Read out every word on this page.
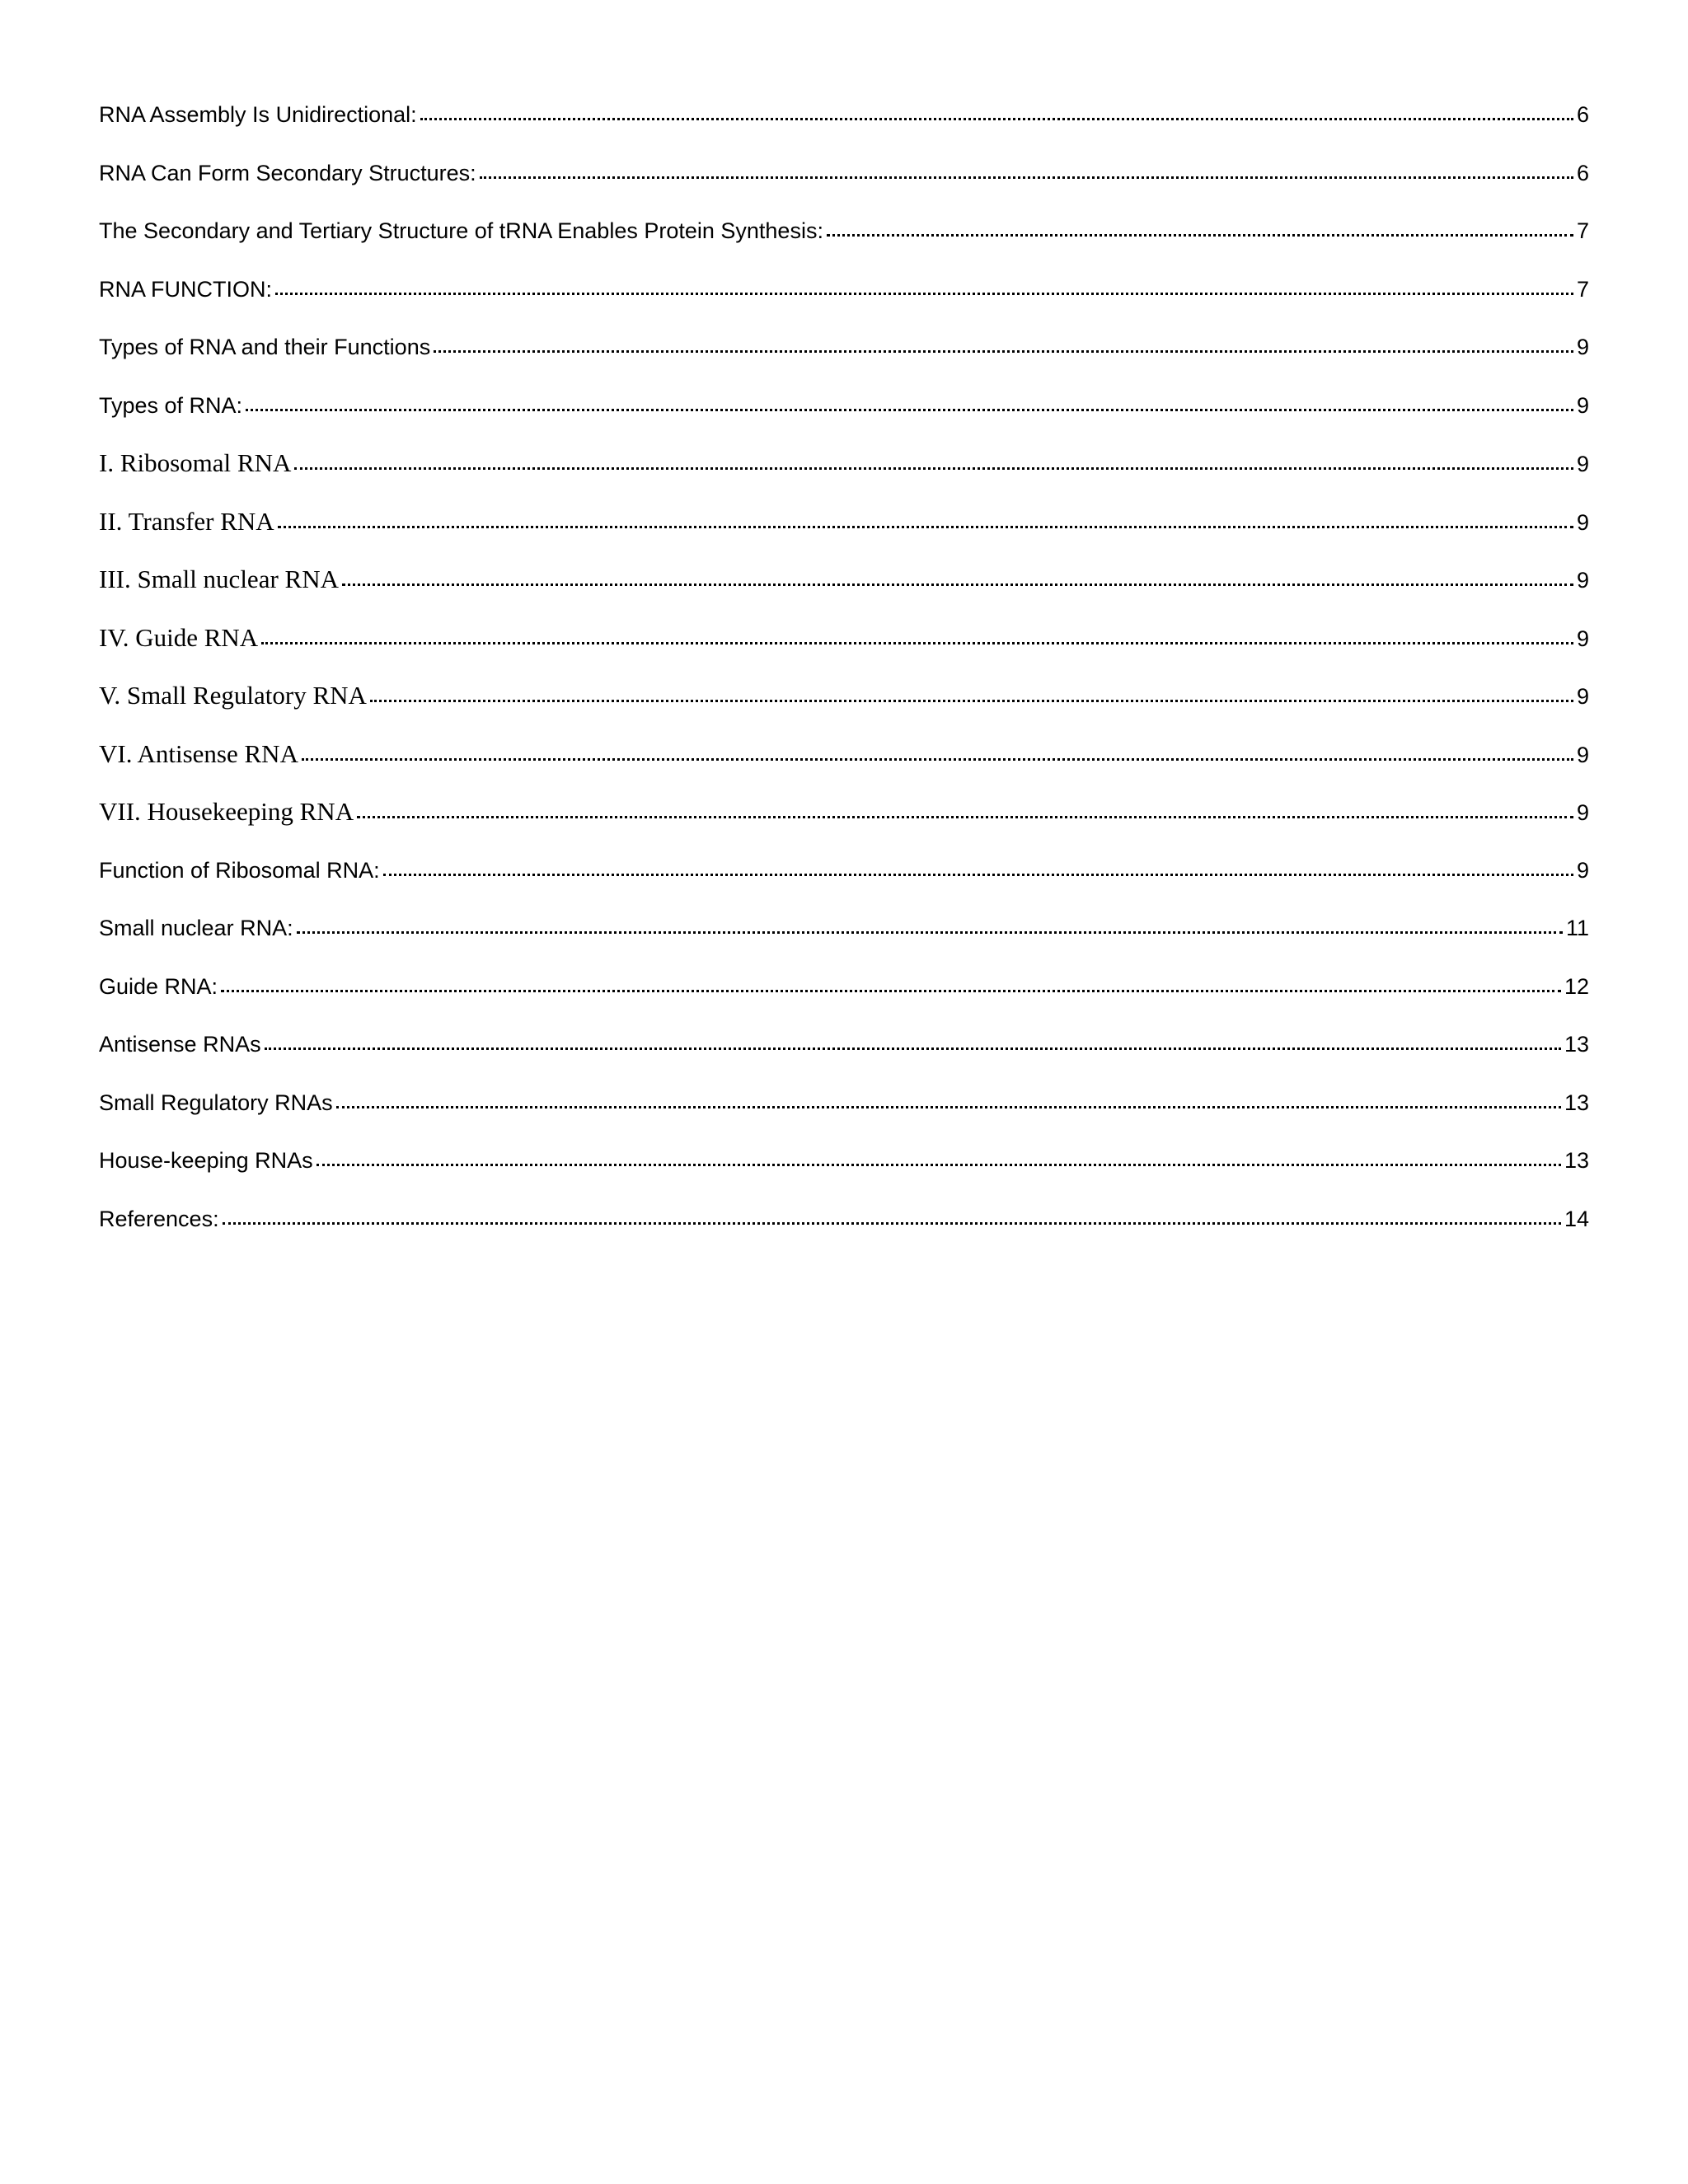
RNA Assembly Is Unidirectional:	6
RNA Can Form Secondary Structures:	6
The Secondary and Tertiary Structure of tRNA Enables Protein Synthesis:	7
RNA FUNCTION:	7
Types of RNA and their Functions	9
Types of RNA:	9
I. Ribosomal RNA	9
II. Transfer RNA	9
III. Small nuclear RNA	9
IV. Guide RNA	9
V. Small Regulatory RNA	9
VI. Antisense RNA	9
VII. Housekeeping RNA	9
Function of Ribosomal RNA:	9
Small nuclear RNA:	11
Guide RNA:	12
Antisense RNAs	13
Small Regulatory RNAs	13
House-keeping RNAs	13
References:	14
